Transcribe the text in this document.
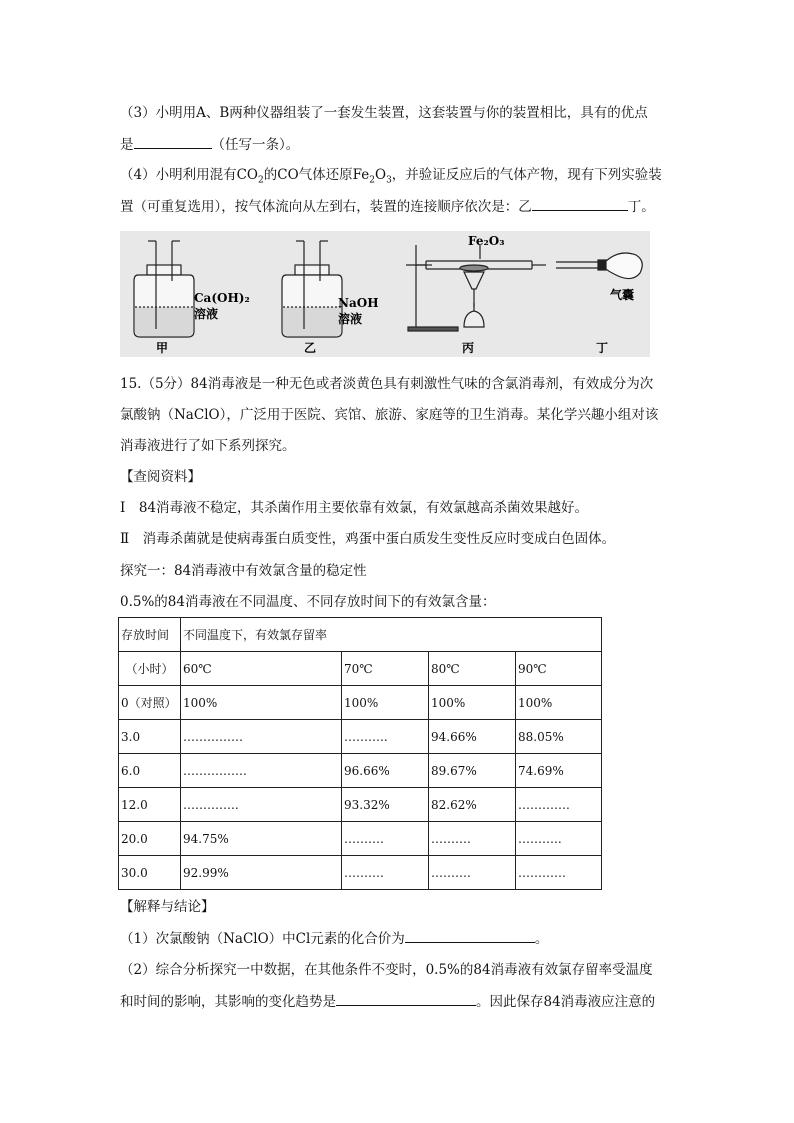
（3）小明用A、B两种仪器组装了一套发生装置，这套装置与你的装置相比，具有的优点
是	（任写一条）。
（4）小明利用混有$CO_2$的CO气体还原$Fe_2O_3$，并验证反应后的气体产物，现有下列实验装
置（可重复选用），按气体流向从左到右，装置的连接顺序依次是：乙	丁。
Ca(OH)₂
溶液
甲
NaOH
溶液
乙
Fe₂O₃
丙
气囊
丁
15.（5分）84消毒液是一种无色或者淡黄色具有刺激性气味的含氯消毒剂，有效成分为次
氯酸钠（NaClO），广泛用于医院、宾馆、旅游、家庭等的卫生消毒。某化学兴趣小组对该
消毒液进行了如下系列探究。
【查阅资料】
Ⅰ　84消毒液不稳定，其杀菌作用主要依靠有效氯，有效氯越高杀菌效果越好。
Ⅱ　消毒杀菌就是使病毒蛋白质变性，鸡蛋中蛋白质发生变性反应时变成白色固体。
探究一：84消毒液中有效氯含量的稳定性
0.5%的84消毒液在不同温度、不同存放时间下的有效氯含量：
存放时间	不同温度下，有效氯存留率			
（小时）	60℃	70℃	80℃	90℃
0（对照）	100%	100%	100%	100%
3.0	……………	………..	94.66%	88.05%
6.0	…………….	96.66%	89.67%	74.69%
12.0	…………..	93.32%	82.62%	………….
20.0	94.75%	……….	……….	………..
30.0	92.99%	……….	……….	…………
【解释与结论】
（1）次氯酸钠（NaClO）中Cl元素的化合价为	。
（2）综合分析探究一中数据，在其他条件不变时，0.5%的84消毒液有效氯存留率受温度
和时间的影响，其影响的变化趋势是	。因此保存84消毒液应注意的
